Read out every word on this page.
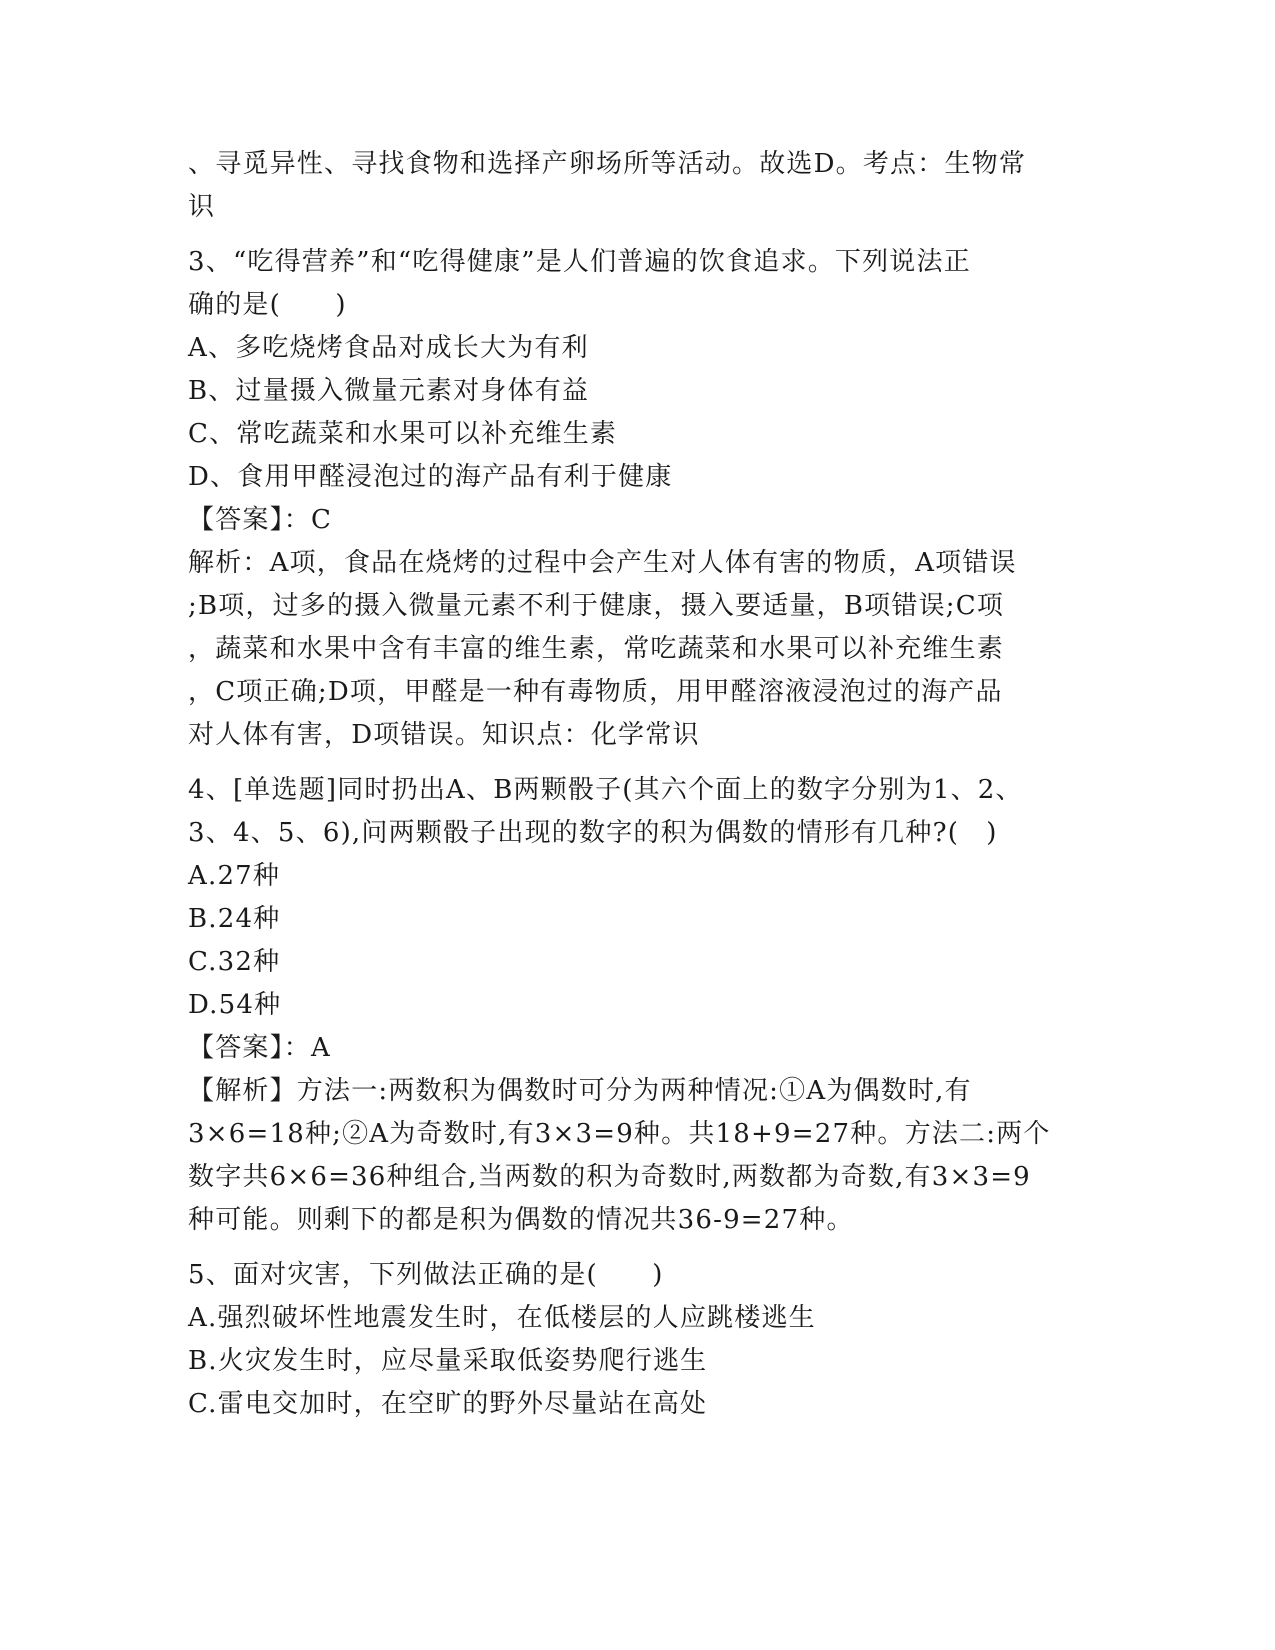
、寻觅异性、寻找食物和选择产卵场所等活动。故选D。考点：生物常
识
3、“吃得营养”和“吃得健康”是人们普遍的饮食追求。下列说法正
确的是(　　)
A、多吃烧烤食品对成长大为有利
B、过量摄入微量元素对身体有益
C、常吃蔬菜和水果可以补充维生素
D、食用甲醛浸泡过的海产品有利于健康
【答案】：C
解析：A项，食品在烧烤的过程中会产生对人体有害的物质，A项错误
;B项，过多的摄入微量元素不利于健康，摄入要适量，B项错误;C项
，蔬菜和水果中含有丰富的维生素，常吃蔬菜和水果可以补充维生素
，C项正确;D项，甲醛是一种有毒物质，用甲醛溶液浸泡过的海产品
对人体有害，D项错误。知识点：化学常识
4、[单选题]同时扔出A、B两颗骰子(其六个面上的数字分别为1、2、
3、4、5、6),问两颗骰子出现的数字的积为偶数的情形有几种?(　)
A.27种
B.24种
C.32种
D.54种
【答案】：A
【解析】方法一:两数积为偶数时可分为两种情况:①A为偶数时,有
3×6=18种;②A为奇数时,有3×3=9种。共18+9=27种。方法二:两个
数字共6×6=36种组合,当两数的积为奇数时,两数都为奇数,有3×3=9
种可能。则剩下的都是积为偶数的情况共36-9=27种。
5、面对灾害，下列做法正确的是(　　)
A.强烈破坏性地震发生时，在低楼层的人应跳楼逃生
B.火灾发生时，应尽量采取低姿势爬行逃生
C.雷电交加时，在空旷的野外尽量站在高处
